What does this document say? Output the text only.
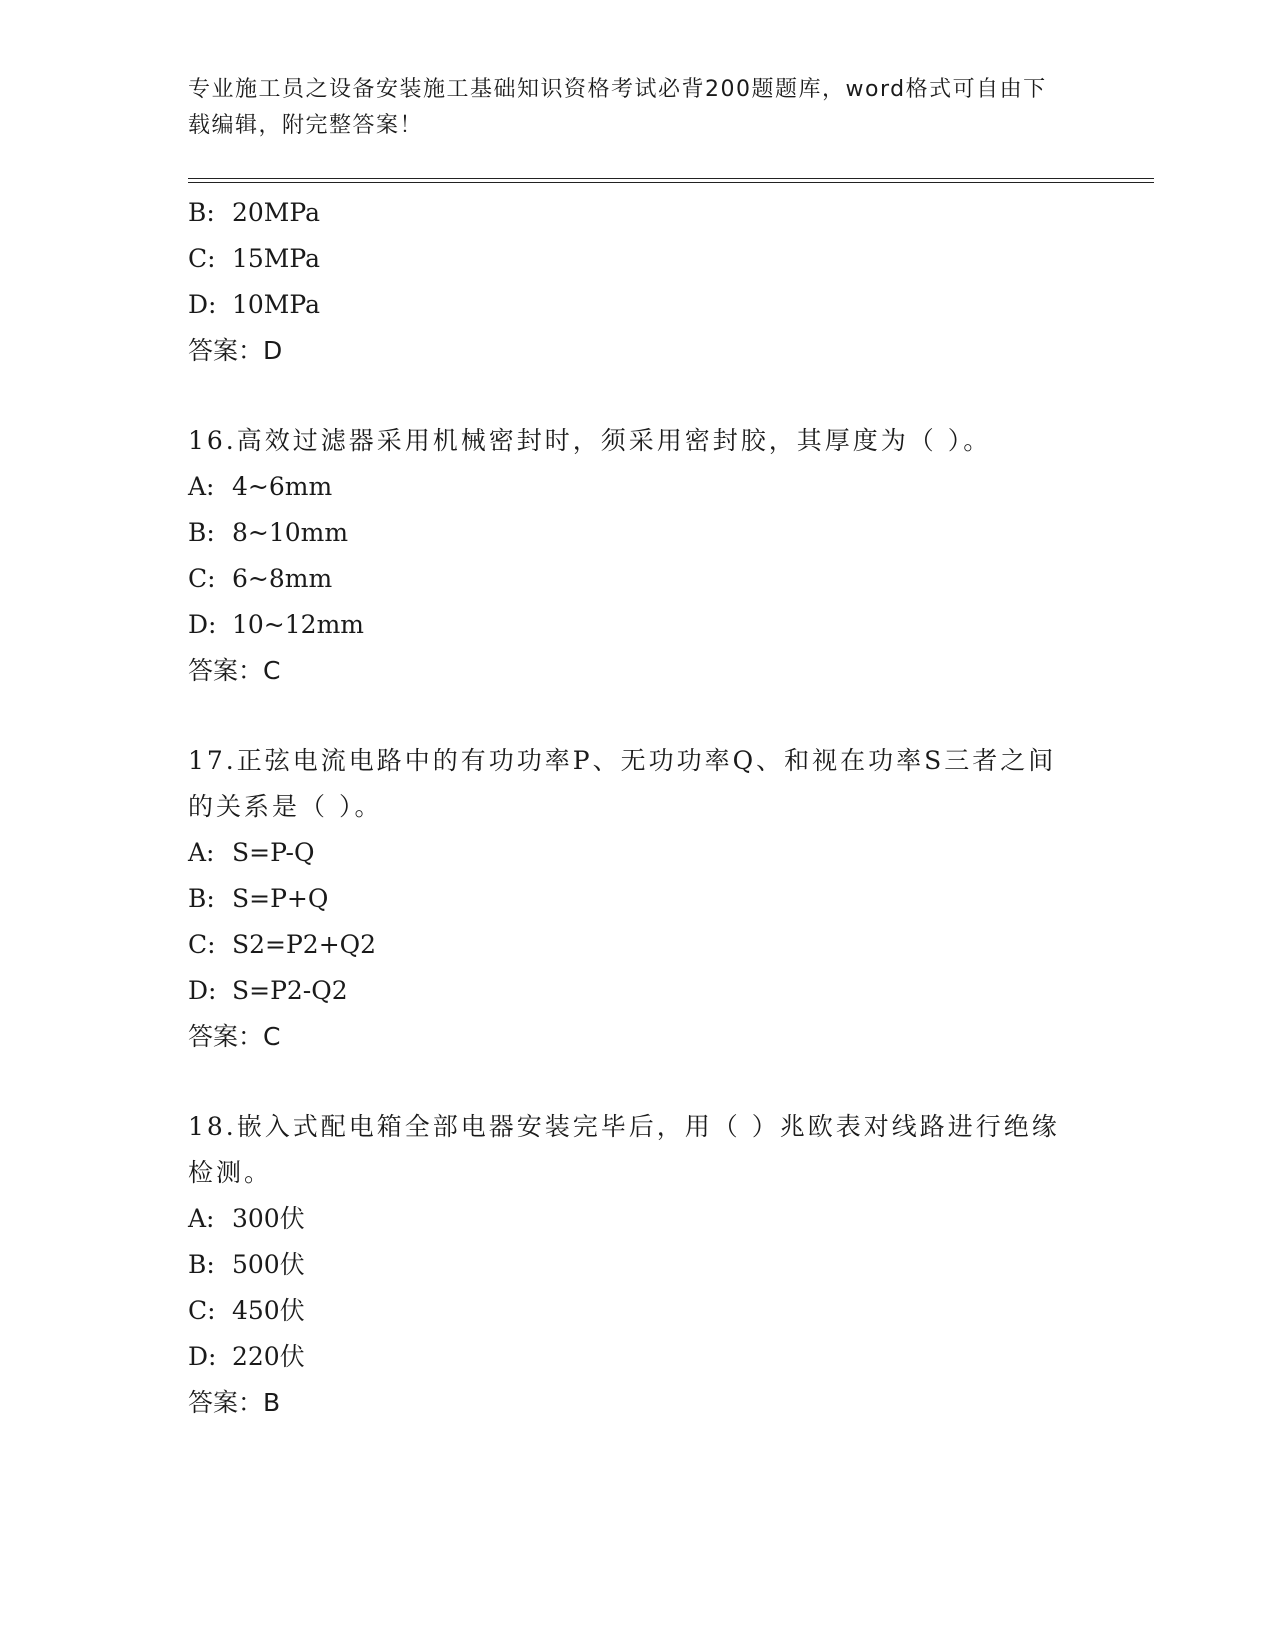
专业施工员之设备安装施工基础知识资格考试必背200题题库，word格式可自由下载编辑，附完整答案！
B: 20MPa
C: 15MPa
D: 10MPa
答案：D
16.高效过滤器采用机械密封时，须采用密封胶，其厚度为（ ）。
A: 4~6mm
B: 8~10mm
C: 6~8mm
D: 10~12mm
答案：C
17.正弦电流电路中的有功功率P、无功功率Q、和视在功率S三者之间的关系是（ ）。
A: S=P-Q
B: S=P+Q
C: S2=P2+Q2
D: S=P2-Q2
答案：C
18.嵌入式配电箱全部电器安装完毕后，用（ ）兆欧表对线路进行绝缘检测。
A: 300伏
B: 500伏
C: 450伏
D: 220伏
答案：B
